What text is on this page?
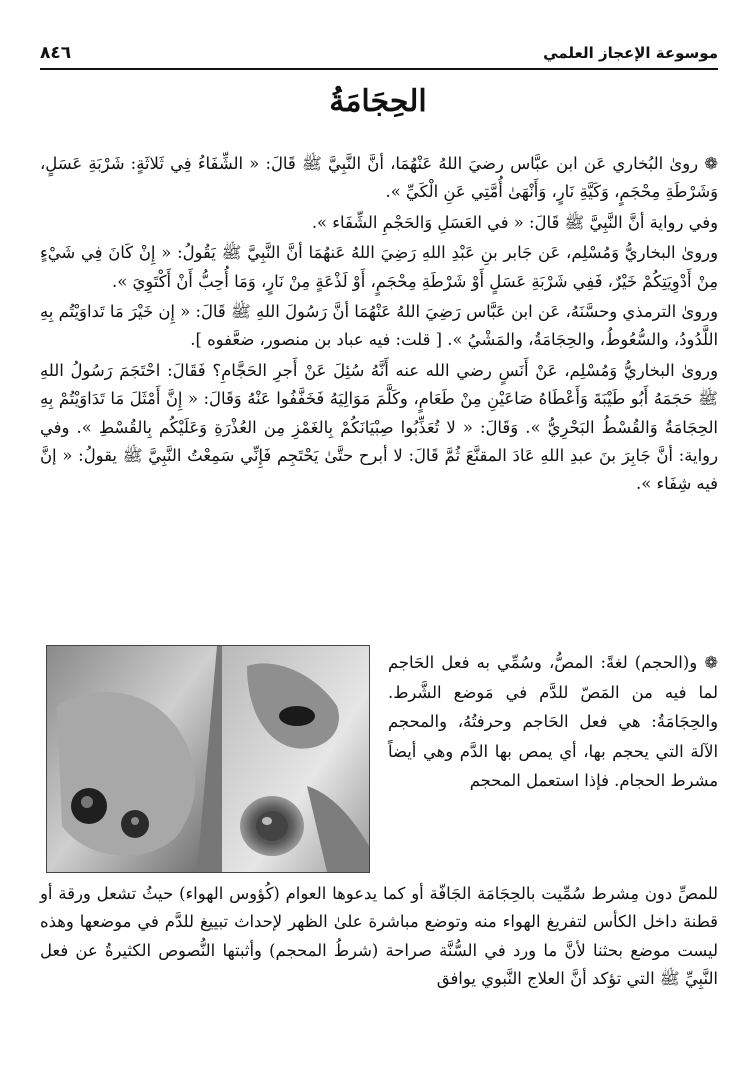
موسوعة الإعجاز العلمي
٨٤٦
الحِجَامَةُ

❁ روىٰ البُخاري عَن ابن عبَّاس رضيَ اللهُ عَنْهُمَا، أنَّ النَّبِيَّ ﷺ قَالَ: « الشِّفَاءُ فِي ثَلاثَةٍ: شَرْبَةِ عَسَلٍ، وَشَرْطَةِ مِحْجَمٍ، وَكَيَّةِ نَارٍ، وَأَنْهَىٰ أُمَّتِي عَنِ الْكَيِّ ».

وفي رواية أنَّ النَّبِيَّ ﷺ قَالَ: « في العَسَلِ وَالحَجْمِ الشِّفَاء ».

وروىٰ البخاريُّ وَمُسْلِم، عَن جَابر بنِ عَبْدِ اللهِ رَضِيَ اللهُ عَنهُمَا أنَّ النَّبِيَّ ﷺ يَقُولُ: « إِنْ كَانَ فِي شَيْءٍ مِنْ أَدْوِيَتِكُمْ خَيْرٌ، فَفِي شَرْبَةِ عَسَلٍ أَوْ شَرْطَةِ مِحْجَمٍ، أَوْ لَذْعَةٍ مِنْ نَارٍ، وَمَا أُحِبُّ أَنْ أَكْتَوِيَ ».

وروىٰ الترمذي وحسَّنَهُ، عَن ابن عَبَّاس رَضِيَ اللهُ عَنْهُمَا أنَّ رَسُولَ اللهِ ﷺ قَالَ: « إِن خَيْرَ مَا تَداوَيْتُم بِهِ اللَّدُودُ، والسُّعُوطُ، والحِجَامَةُ، والمَشْيُ ». [ قلت: فيه عباد بن منصور، ضعَّفوه ].

وروىٰ البخاريُّ وَمُسْلِم، عَنْ أَنَسٍ رضي الله عنه أَنَّهُ سُئِلَ عَنْ أَجرِ الحَجَّامِ؟ فَقَالَ: احْتَجَمَ رَسُولُ اللهِ ﷺ حَجَمَهُ أَبُو طَيْبَةَ وَأَعْطَاهُ صَاعَيْنِ مِنْ طَعَامٍ، وكَلَّمَ مَوَالِيَهُ فَخَفَّفُوا عَنْهُ وَقَالَ: « إِنَّ أَمْثَلَ مَا تَدَاوَيْتُمْ بِهِ الحِجَامَةُ وَالقُسْطُ البَحْرِيُّ ». وَقَالَ: « لا تُعَذِّبُوا صِبْيَانَكُمْ بِالغَمْزِ مِن العُذْرَةِ وَعَلَيْكُم بِالقُسْطِ ». وفي رواية: أنَّ جَابِرَ بنَ عبدِ اللهِ عَادَ المقنَّعَ ثُمَّ قَالَ: لا أبرح حتَّىٰ يَحْتَجِم فَإِنِّي سَمِعْتُ النَّبِيَّ ﷺ يقولُ: « إنَّ فيه شِفَاء ».

❁ و(الحجم) لغةً: المصُّ، وسُمِّي به فعل الحَاجم لما فيه من المَصّ للدَّم في مَوضع الشَّرط. والحِجَامَةُ: هي فعل الحَاجم وحرفتُهُ، والمحجم الآلة التي يحجم بها، أي يمص بها الدَّم وهي أيضاً مشرط الحجام. فإذا استعمل المحجم
للمصِّ دون مِشرط سُمِّيت بالحِجَامَة الجَافّة أو كما يدعوها العوام (كُؤوس الهواء) حيثُ تشعل ورقة أو قطنة داخل الكأس لتفريغ الهواء منه وتوضع مباشرة علىٰ الظهر لإحداث تبييغ للدَّم في موضعها وهذه ليست موضع بحثنا لأنَّ ما ورد في السُّنَّة صراحة (شرطُ المحجم) وأثبتها النُّصوص الكثيرةُ عن فعل النَّبِيِّ ﷺ التي تؤكد أنَّ العلاج النَّبوي يوافق
